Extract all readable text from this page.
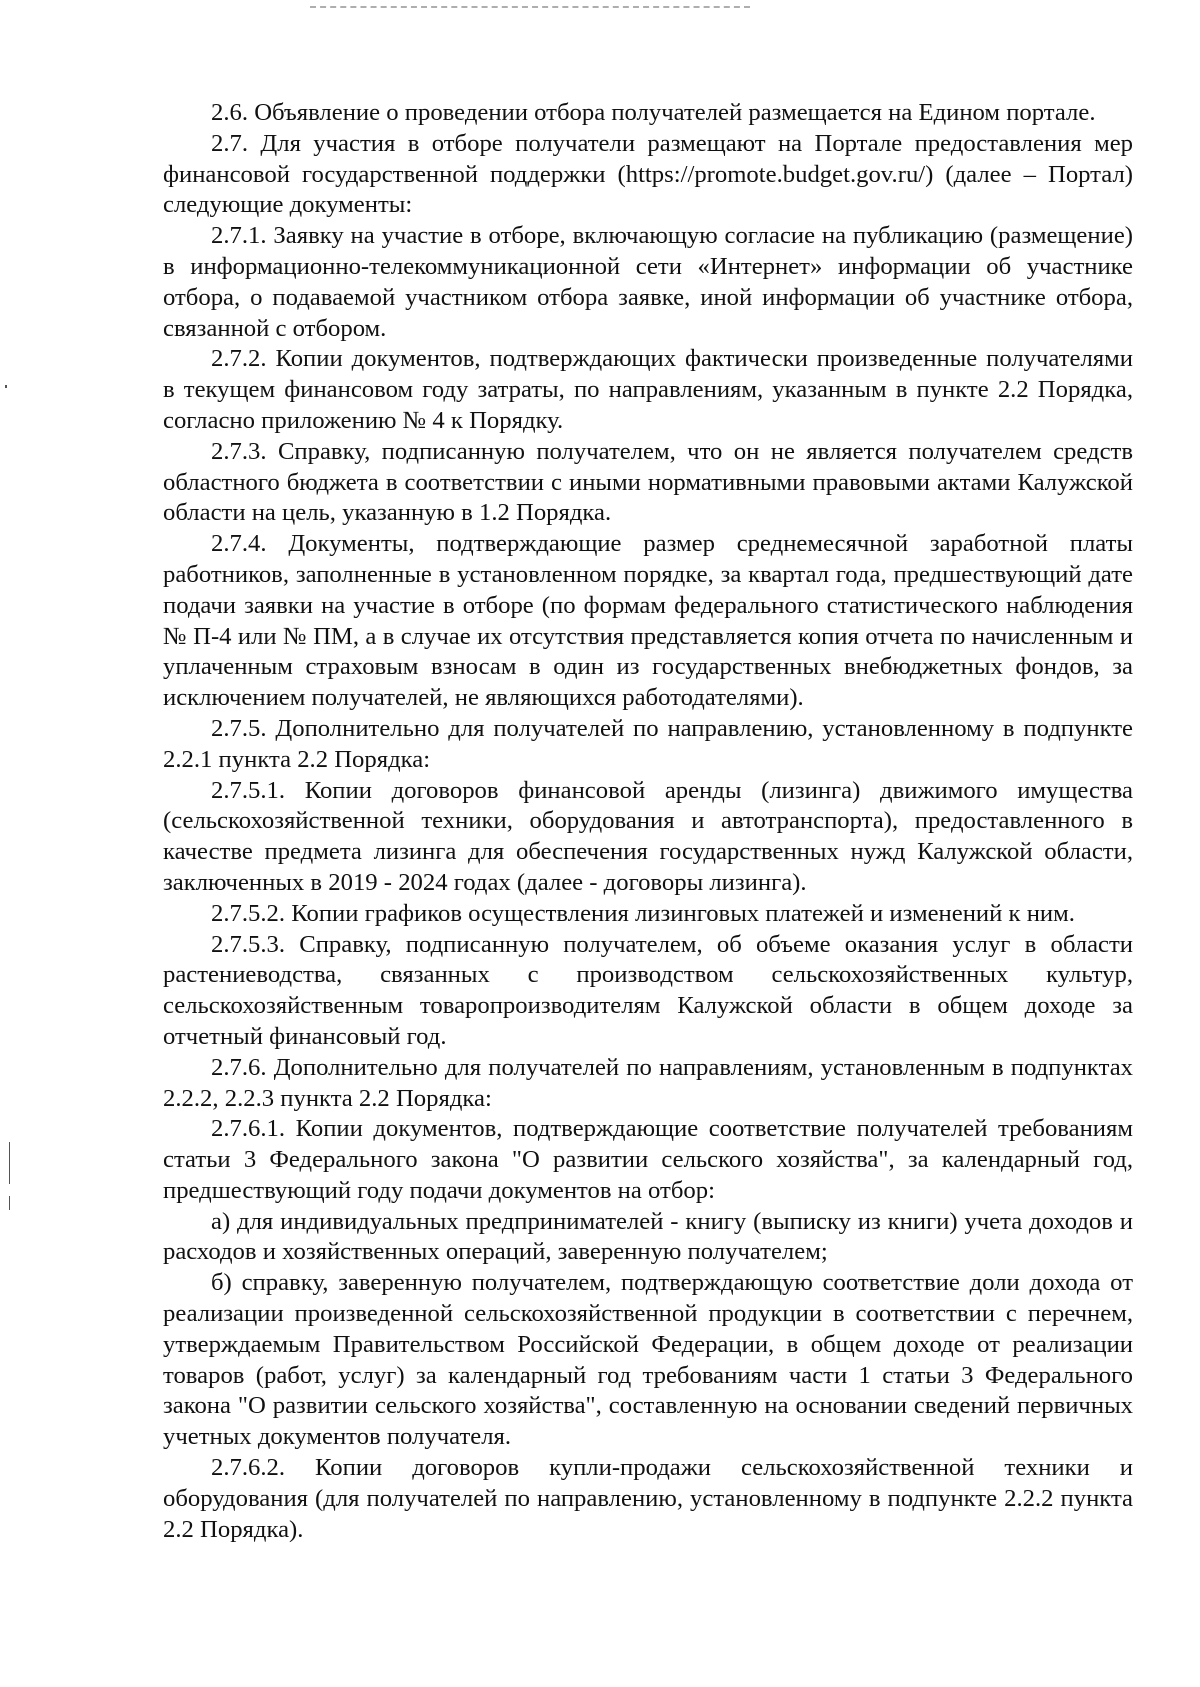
2.6. Объявление о проведении отбора получателей размещается на Едином портале.

2.7. Для участия в отборе получатели размещают на Портале предоставления мер финансовой государственной поддержки (https://promote.budget.gov.ru/) (далее – Портал) следующие документы:

2.7.1. Заявку на участие в отборе, включающую согласие на публикацию (размещение) в информационно-телекоммуникационной сети «Интернет» информации об участнике отбора, о подаваемой участником отбора заявке, иной информации об участнике отбора, связанной с отбором.

2.7.2. Копии документов, подтверждающих фактически произведенные получателями в текущем финансовом году затраты, по направлениям, указанным в пункте 2.2 Порядка, согласно приложению № 4 к Порядку.

2.7.3. Справку, подписанную получателем, что он не является получателем средств областного бюджета в соответствии с иными нормативными правовыми актами Калужской области на цель, указанную в 1.2 Порядка.

2.7.4. Документы, подтверждающие размер среднемесячной заработной платы работников, заполненные в установленном порядке, за квартал года, предшествующий дате подачи заявки на участие в отборе (по формам федерального статистического наблюдения № П-4 или № ПМ, а в случае их отсутствия представляется копия отчета по начисленным и уплаченным страховым взносам в один из государственных внебюджетных фондов, за исключением получателей, не являющихся работодателями).

2.7.5. Дополнительно для получателей по направлению, установленному в подпункте 2.2.1 пункта 2.2 Порядка:

2.7.5.1. Копии договоров финансовой аренды (лизинга) движимого имущества (сельскохозяйственной техники, оборудования и автотранспорта), предоставленного в качестве предмета лизинга для обеспечения государственных нужд Калужской области, заключенных в 2019 - 2024 годах (далее - договоры лизинга).

2.7.5.2. Копии графиков осуществления лизинговых платежей и изменений к ним.

2.7.5.3. Справку, подписанную получателем, об объеме оказания услуг в области растениеводства, связанных с производством сельскохозяйственных культур, сельскохозяйственным товаропроизводителям Калужской области в общем доходе за отчетный финансовый год.

2.7.6. Дополнительно для получателей по направлениям, установленным в подпунктах 2.2.2, 2.2.3 пункта 2.2 Порядка:

2.7.6.1. Копии документов, подтверждающие соответствие получателей требованиям статьи 3 Федерального закона "О развитии сельского хозяйства", за календарный год, предшествующий году подачи документов на отбор:

а) для индивидуальных предпринимателей - книгу (выписку из книги) учета доходов и расходов и хозяйственных операций, заверенную получателем;

б) справку, заверенную получателем, подтверждающую соответствие доли дохода от реализации произведенной сельскохозяйственной продукции в соответствии с перечнем, утверждаемым Правительством Российской Федерации, в общем доходе от реализации товаров (работ, услуг) за календарный год требованиям части 1 статьи 3 Федерального закона "О развитии сельского хозяйства", составленную на основании сведений первичных учетных документов получателя.

2.7.6.2. Копии договоров купли-продажи сельскохозяйственной техники и оборудования (для получателей по направлению, установленному в подпункте 2.2.2 пункта 2.2 Порядка).
